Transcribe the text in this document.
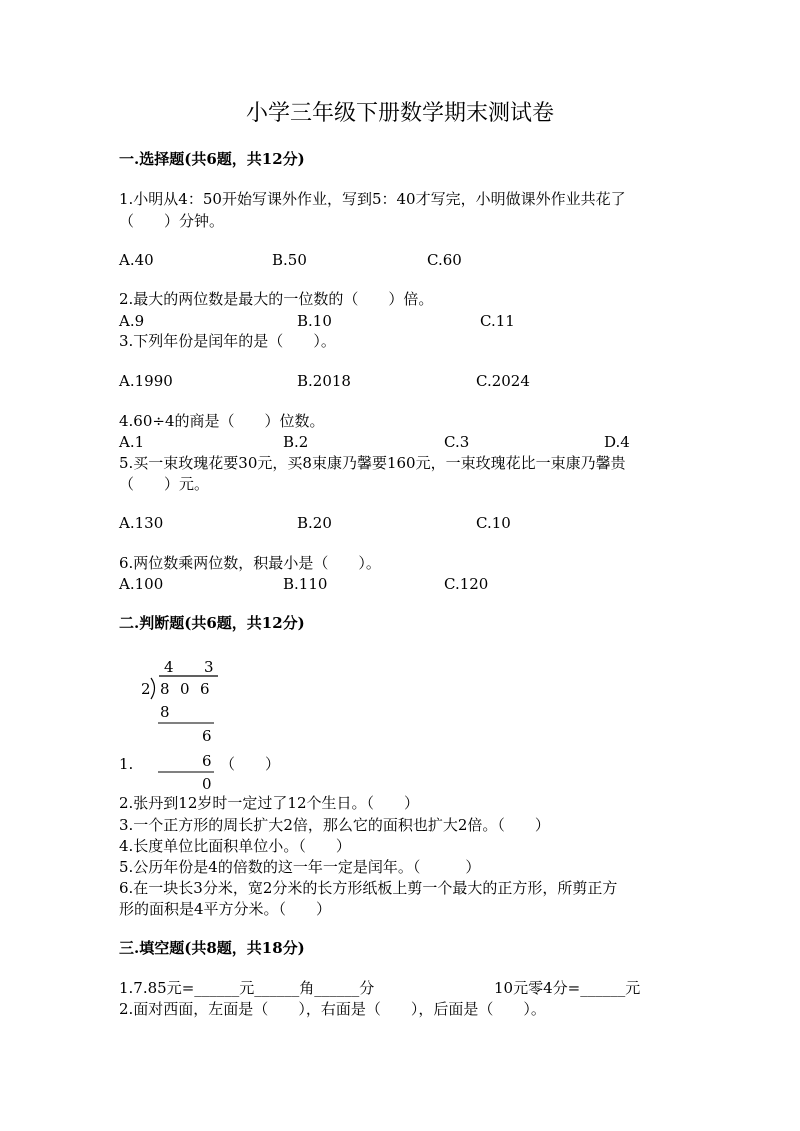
小学三年级下册数学期末测试卷
一.选择题(共6题，共12分)
1.小明从4：50开始写课外作业，写到5：40才写完，小明做课外作业共花了
（　　）分钟。
A.40	B.50	C.60
2.最大的两位数是最大的一位数的（　　）倍。
A.9	B.10	C.11
3.下列年份是闰年的是（　　）。
A.1990	B.2018	C.2024
4.60÷4的商是（　　）位数。
A.1	B.2	C.3	D.4
5.买一束玫瑰花要30元，买8束康乃馨要160元，一束玫瑰花比一束康乃馨贵
（　　）元。
A.130	B.20	C.10
6.两位数乘两位数，积最小是（　　）。
A.100	B.110	C.120
二.判断题(共6题，共12分)
4 3
2 8 0 6
8
6
6
0
1.	（　　）
2.张丹到12岁时一定过了12个生日。（　　）
3.一个正方形的周长扩大2倍，那么它的面积也扩大2倍。（　　）
4.长度单位比面积单位小。（　　）
5.公历年份是4的倍数的这一年一定是闰年。（　　　）
6.在一块长3分米，宽2分米的长方形纸板上剪一个最大的正方形，所剪正方
形的面积是4平方分米。（　　）
三.填空题(共8题，共18分)
1.7.85元=______元______角______分	10元零4分=______元
2.面对西面，左面是（　　），右面是（　　），后面是（　　）。
